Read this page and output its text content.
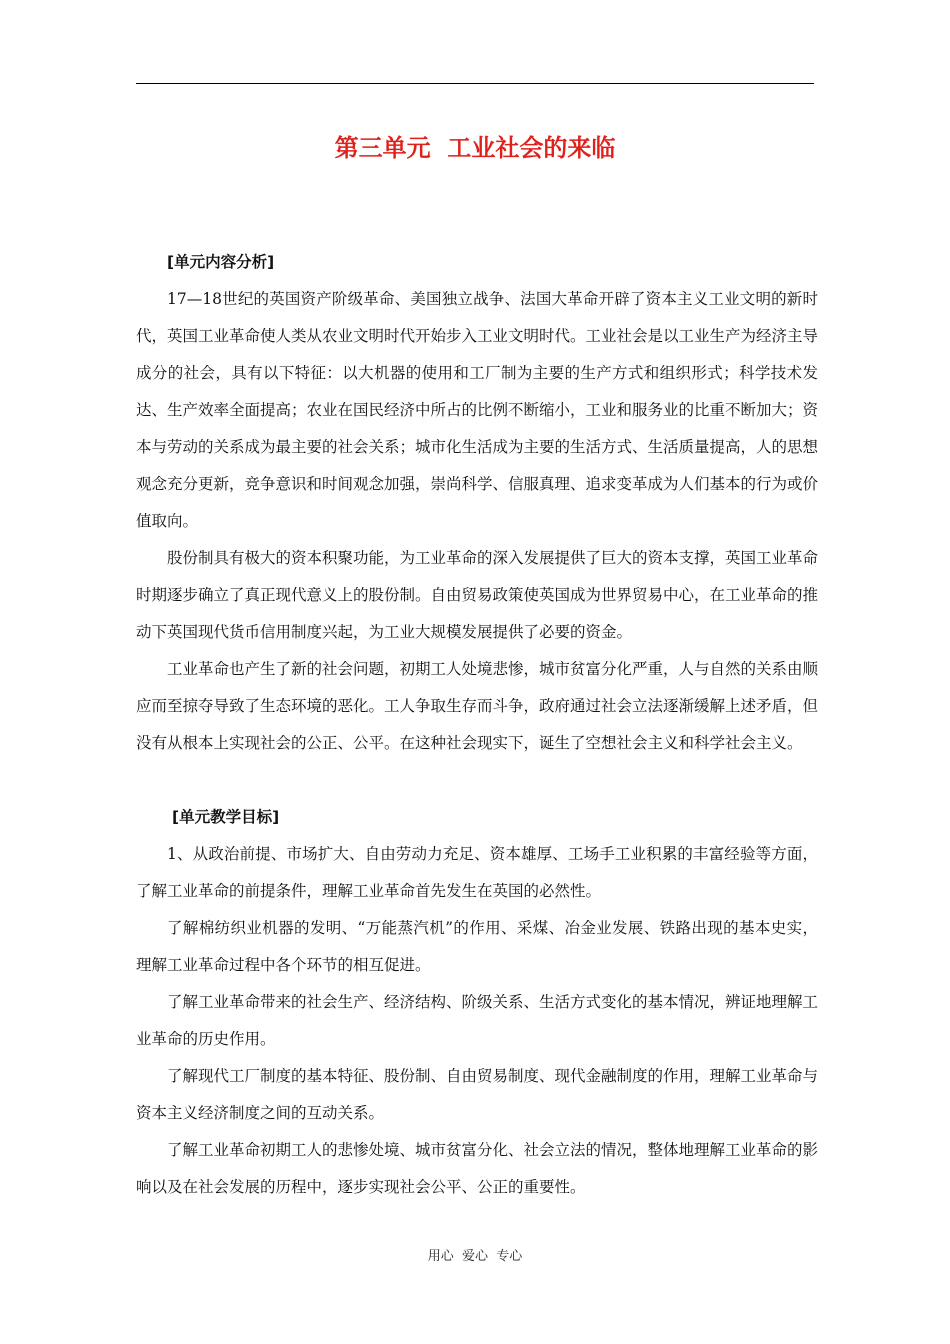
第三单元  工业社会的来临

[单元内容分析]

17—18世纪的英国资产阶级革命、美国独立战争、法国大革命开辟了资本主义工业文明的新时代，英国工业革命使人类从农业文明时代开始步入工业文明时代。工业社会是以工业生产为经济主导成分的社会，具有以下特征：以大机器的使用和工厂制为主要的生产方式和组织形式；科学技术发达、生产效率全面提高；农业在国民经济中所占的比例不断缩小，工业和服务业的比重不断加大；资本与劳动的关系成为最主要的社会关系；城市化生活成为主要的生活方式、生活质量提高，人的思想观念充分更新，竞争意识和时间观念加强，崇尚科学、信服真理、追求变革成为人们基本的行为或价值取向。

股份制具有极大的资本积聚功能，为工业革命的深入发展提供了巨大的资本支撑，英国工业革命时期逐步确立了真正现代意义上的股份制。自由贸易政策使英国成为世界贸易中心，在工业革命的推动下英国现代货币信用制度兴起，为工业大规模发展提供了必要的资金。

工业革命也产生了新的社会问题，初期工人处境悲惨，城市贫富分化严重，人与自然的关系由顺应而至掠夺导致了生态环境的恶化。工人争取生存而斗争，政府通过社会立法逐渐缓解上述矛盾，但没有从根本上实现社会的公正、公平。在这种社会现实下，诞生了空想社会主义和科学社会主义。

[单元教学目标]

1、从政治前提、市场扩大、自由劳动力充足、资本雄厚、工场手工业积累的丰富经验等方面，了解工业革命的前提条件，理解工业革命首先发生在英国的必然性。

了解棉纺织业机器的发明、“万能蒸汽机”的作用、采煤、冶金业发展、铁路出现的基本史实，理解工业革命过程中各个环节的相互促进。

了解工业革命带来的社会生产、经济结构、阶级关系、生活方式变化的基本情况，辨证地理解工业革命的历史作用。

了解现代工厂制度的基本特征、股份制、自由贸易制度、现代金融制度的作用，理解工业革命与资本主义经济制度之间的互动关系。

了解工业革命初期工人的悲惨处境、城市贫富分化、社会立法的情况，整体地理解工业革命的影响以及在社会发展的历程中，逐步实现社会公平、公正的重要性。

用心  爱心  专心
